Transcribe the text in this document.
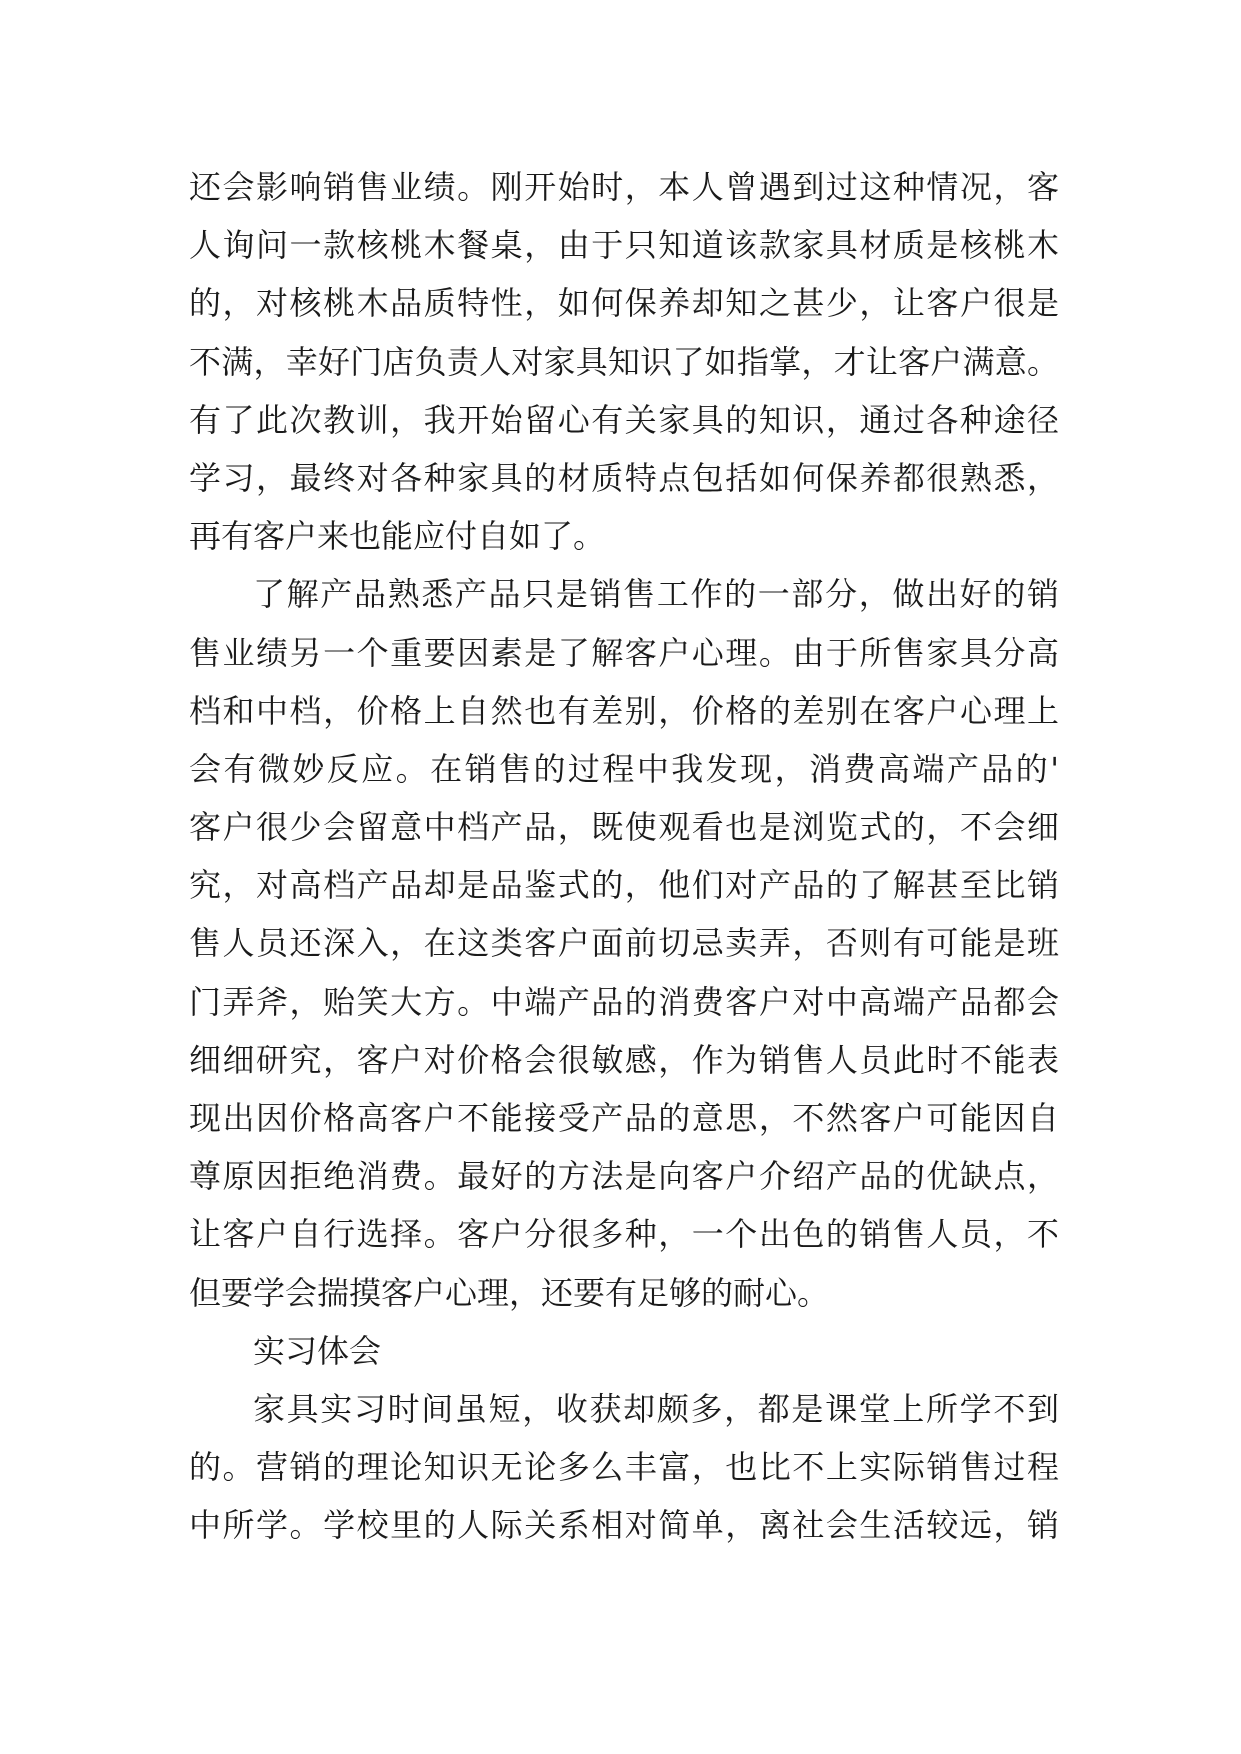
还会影响销售业绩。刚开始时，本人曾遇到过这种情况，客
人询问一款核桃木餐桌，由于只知道该款家具材质是核桃木
的，对核桃木品质特性，如何保养却知之甚少，让客户很是
不满，幸好门店负责人对家具知识了如指掌，才让客户满意。
有了此次教训，我开始留心有关家具的知识，通过各种途径
学习，最终对各种家具的材质特点包括如何保养都很熟悉，
再有客户来也能应付自如了。
了解产品熟悉产品只是销售工作的一部分，做出好的销
售业绩另一个重要因素是了解客户心理。由于所售家具分高
档和中档，价格上自然也有差别，价格的差别在客户心理上
会有微妙反应。在销售的过程中我发现，消费高端产品的'
客户很少会留意中档产品，既使观看也是浏览式的，不会细
究，对高档产品却是品鉴式的，他们对产品的了解甚至比销
售人员还深入，在这类客户面前切忌卖弄，否则有可能是班
门弄斧，贻笑大方。中端产品的消费客户对中高端产品都会
细细研究，客户对价格会很敏感，作为销售人员此时不能表
现出因价格高客户不能接受产品的意思，不然客户可能因自
尊原因拒绝消费。最好的方法是向客户介绍产品的优缺点，
让客户自行选择。客户分很多种，一个出色的销售人员，不
但要学会揣摸客户心理，还要有足够的耐心。
实习体会
家具实习时间虽短，收获却颇多，都是课堂上所学不到
的。营销的理论知识无论多么丰富，也比不上实际销售过程
中所学。学校里的人际关系相对简单，离社会生活较远，销
